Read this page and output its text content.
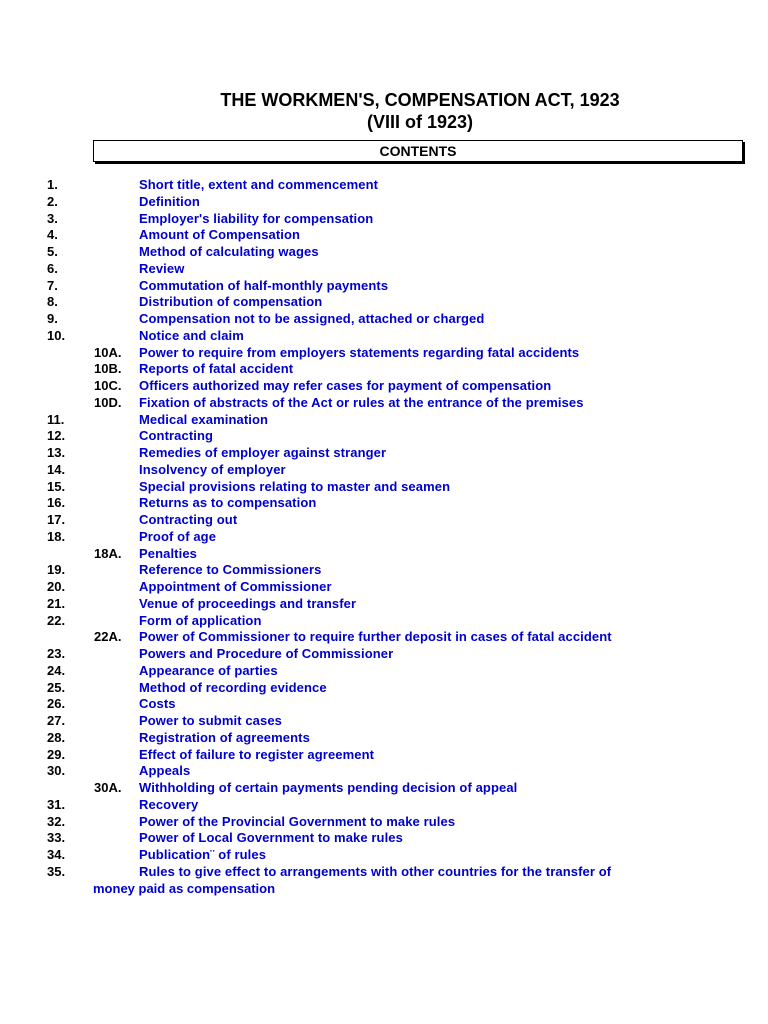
THE WORKMEN'S, COMPENSATION ACT, 1923
(VIII of 1923)
CONTENTS
1.	Short title, extent and commencement
2.	Definition
3.	Employer's liability for compensation
4.	Amount of Compensation
5.	Method of calculating wages
6.	Review
7.	Commutation of half-monthly payments
8.	Distribution of compensation
9.	Compensation not to be assigned, attached or charged
10.	Notice and claim
10A. Power to require from employers statements regarding fatal accidents
10B. Reports of fatal accident
10C. Officers authorized may refer cases for payment of compensation
10D. Fixation of abstracts of the Act or rules at the entrance of the premises
11.	Medical examination
12.	Contracting
13.	Remedies of employer against stranger
14.	Insolvency of employer
15.	Special provisions relating to master and seamen
16.	Returns as to compensation
17.	Contracting out
18.	Proof of age
18A. Penalties
19.	Reference to Commissioners
20.	Appointment of Commissioner
21.	Venue of proceedings and transfer
22.	Form of application
22A. Power of Commissioner to require further deposit in cases of fatal accident
23.	Powers and Procedure of Commissioner
24.	Appearance of parties
25.	Method of recording evidence
26.	Costs
27.	Power to submit cases
28.	Registration of agreements
29.	Effect of failure to register agreement
30.	Appeals
30A. Withholding of certain payments pending decision of appeal
31.	Recovery
32.	Power of the Provincial Government to make rules
33.	Power of Local Government to make rules
34.	Publication¨ of rules
35.	Rules to give effect to arrangements with other countries for the transfer of
money paid as compensation
